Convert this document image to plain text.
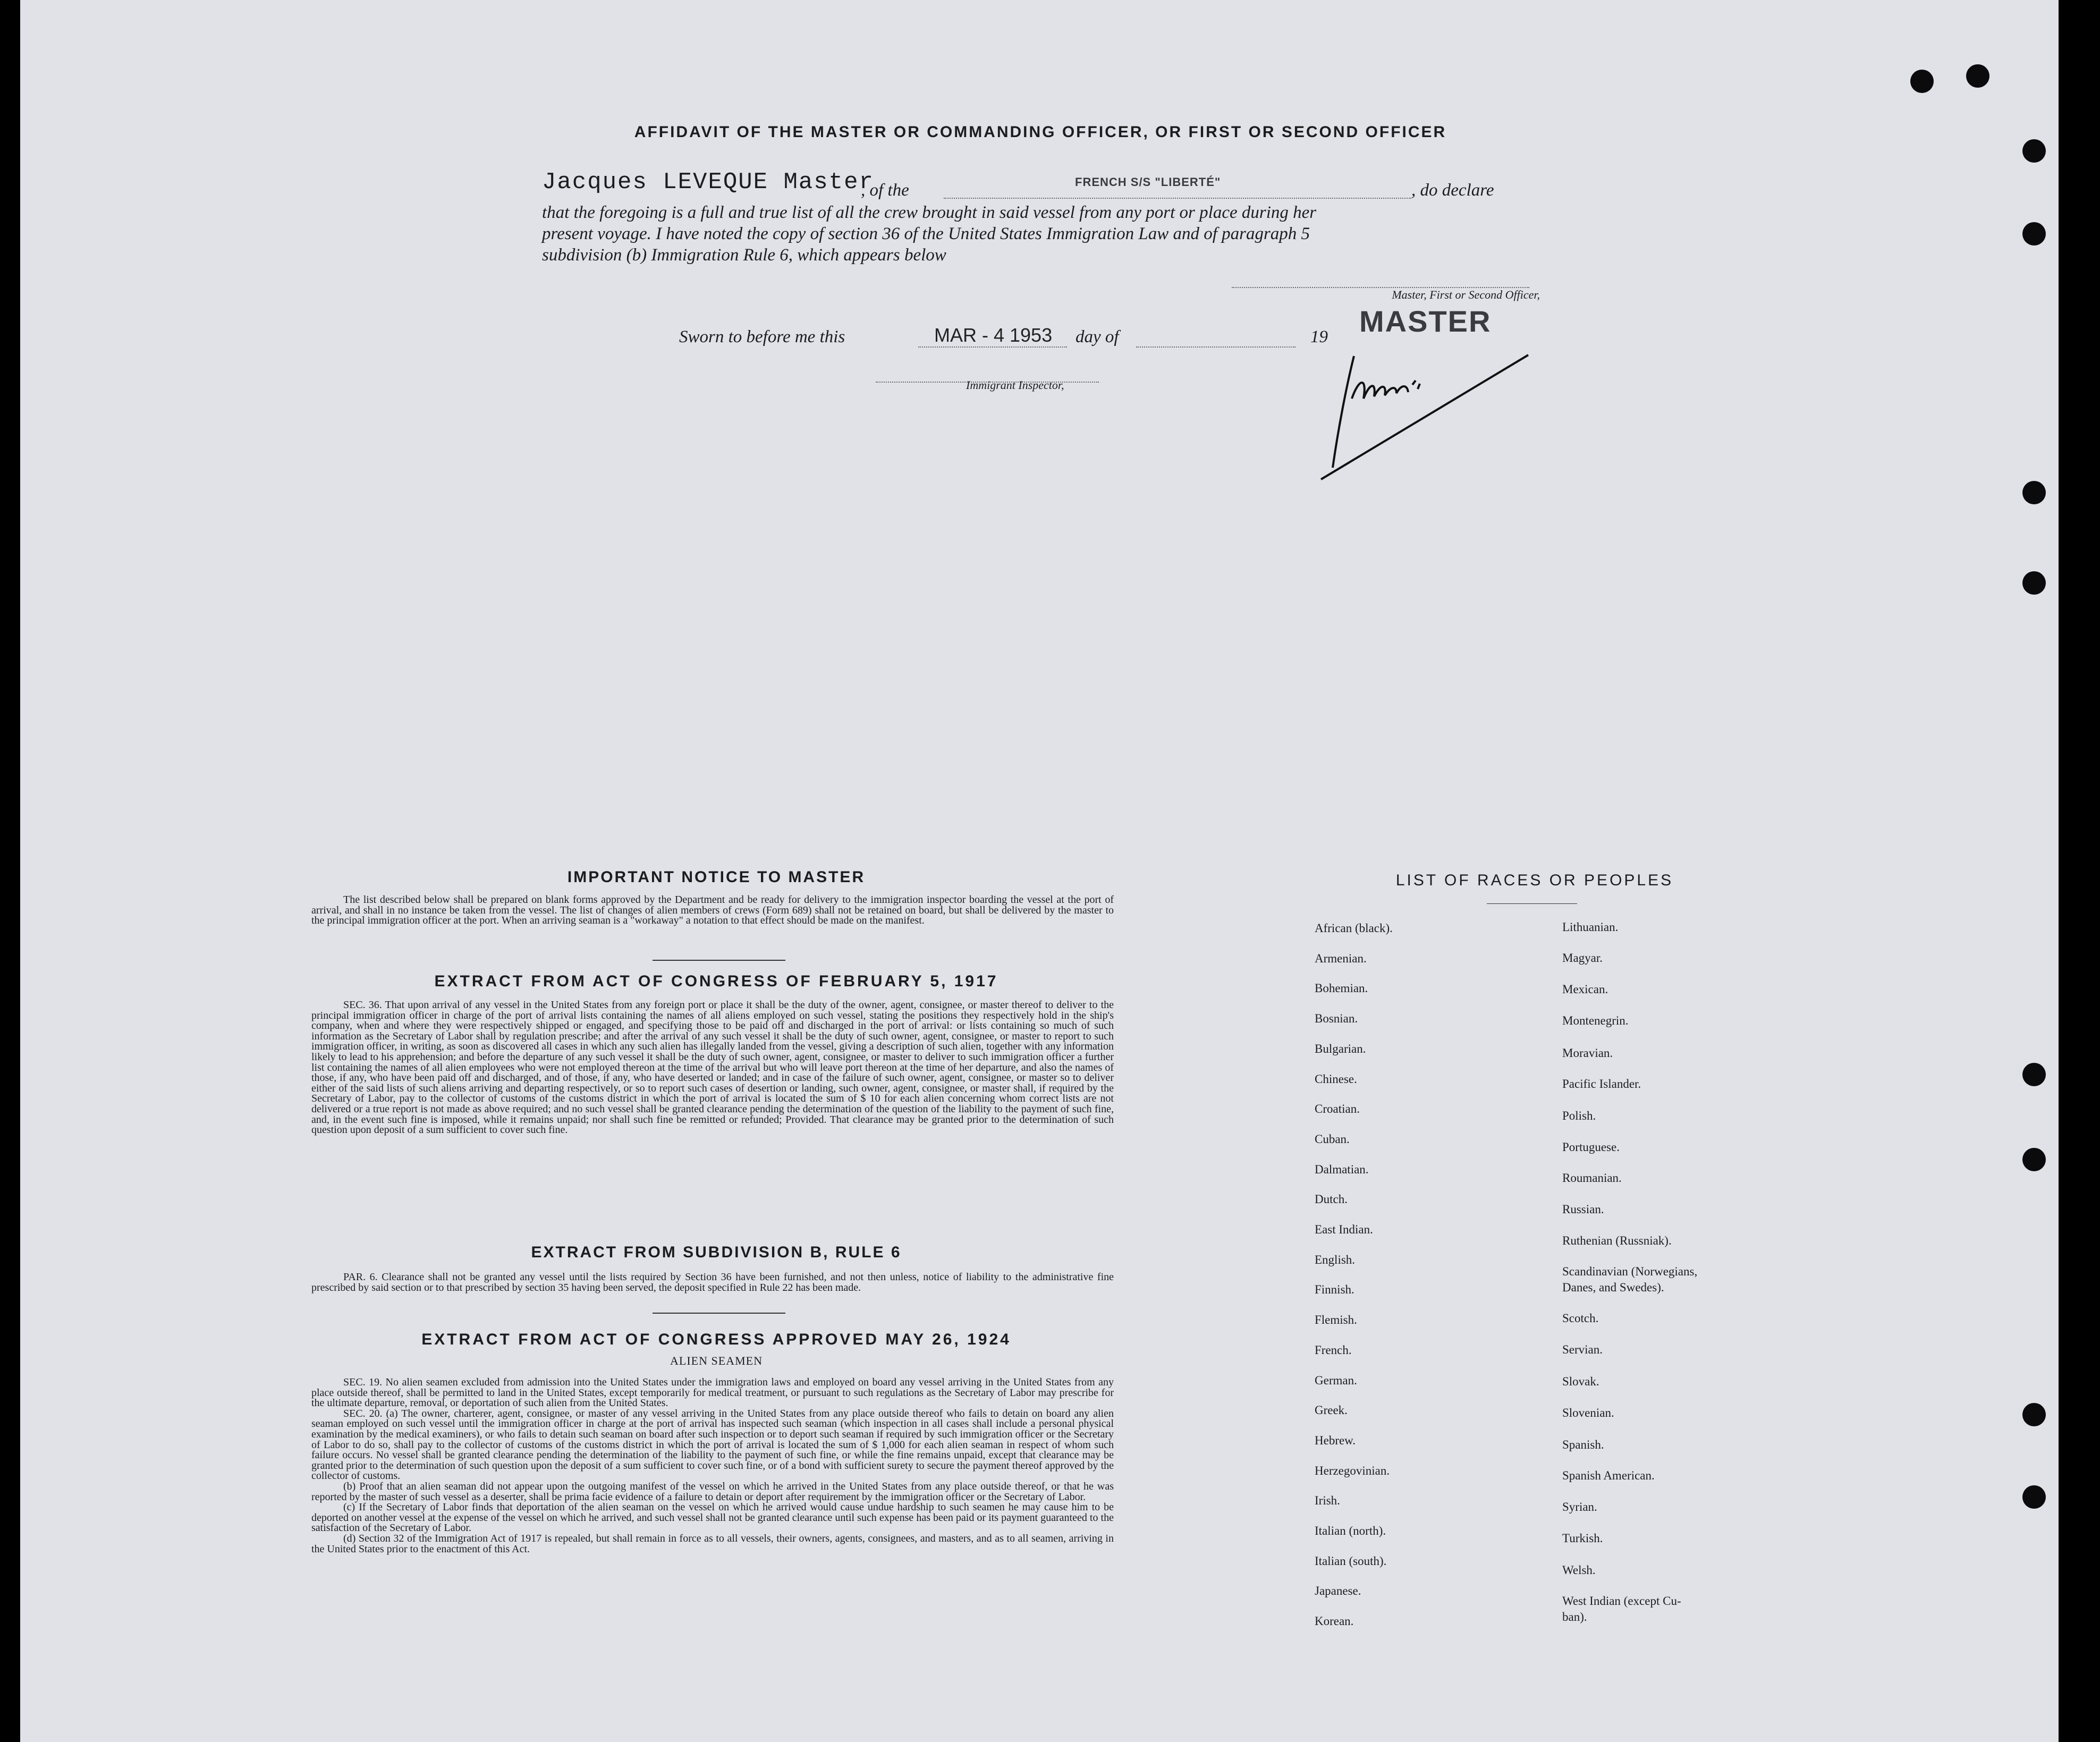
AFFIDAVIT OF THE MASTER OR COMMANDING OFFICER, OR FIRST OR SECOND OFFICER
Jacques LEVEQUE Master
, of the	FRENCH S/S "LIBERTÉ"	, do declare
that the foregoing is a full and true list of all the crew brought in said vessel from any port or place during her
present voyage. I have noted the copy of section 36 of the United States Immigration Law and of paragraph 5
subdivision (b) Immigration Rule 6, which appears below
Master, First or Second Officer,
MASTER
Sworn to before me this	MAR - 4 1953 day of	19
Immigrant Inspector,
IMPORTANT NOTICE TO MASTER

The list described below shall be prepared on blank forms approved by the Department and be ready for delivery to the immigration inspector boarding the vessel at the port of arrival, and shall in no instance be taken from the vessel. The list of changes of alien members of crews (Form 689) shall not be retained on board, but shall be delivered by the master to the principal immigration officer at the port. When an arriving seaman is a "workaway" a notation to that effect should be made on the manifest.

EXTRACT FROM ACT OF CONGRESS OF FEBRUARY 5, 1917

SEC. 36. That upon arrival of any vessel in the United States from any foreign port or place it shall be the duty of the owner, agent, consignee, or master thereof to deliver to the principal immigration officer in charge of the port of arrival lists containing the names of all aliens employed on such vessel, stating the positions they respectively hold in the ship's company, when and where they were respectively shipped or engaged, and specifying those to be paid off and discharged in the port of arrival: or lists containing so much of such information as the Secretary of Labor shall by regulation prescribe; and after the arrival of any such vessel it shall be the duty of such owner, agent, consignee, or master to report to such immigration officer, in writing, as soon as discovered all cases in which any such alien has illegally landed from the vessel, giving a description of such alien, together with any information likely to lead to his apprehension; and before the departure of any such vessel it shall be the duty of such owner, agent, consignee, or master to deliver to such immigration officer a further list containing the names of all alien employees who were not employed thereon at the time of the arrival but who will leave port thereon at the time of her departure, and also the names of those, if any, who have been paid off and discharged, and of those, if any, who have deserted or landed; and in case of the failure of such owner, agent, consignee, or master so to deliver either of the said lists of such aliens arriving and departing respectively, or so to report such cases of desertion or landing, such owner, agent, consignee, or master shall, if required by the Secretary of Labor, pay to the collector of customs of the customs district in which the port of arrival is located the sum of $ 10 for each alien concerning whom correct lists are not delivered or a true report is not made as above required; and no such vessel shall be granted clearance pending the determination of the question of the liability to the payment of such fine, and, in the event such fine is imposed, while it remains unpaid; nor shall such fine be remitted or refunded; Provided. That clearance may be granted prior to the determination of such question upon deposit of a sum sufficient to cover such fine.

EXTRACT FROM SUBDIVISION B, RULE 6

PAR. 6. Clearance shall not be granted any vessel until the lists required by Section 36 have been furnished, and not then unless, notice of liability to the administrative fine prescribed by said section or to that prescribed by section 35 having been served, the deposit specified in Rule 22 has been made.

EXTRACT FROM ACT OF CONGRESS APPROVED MAY 26, 1924
ALIEN SEAMEN

SEC. 19. No alien seamen excluded from admission into the United States under the immigration laws and employed on board any vessel arriving in the United States from any place outside thereof, shall be permitted to land in the United States, except temporarily for medical treatment, or pursuant to such regulations as the Secretary of Labor may prescribe for the ultimate departure, removal, or deportation of such alien from the United States.

SEC. 20. (a) The owner, charterer, agent, consignee, or master of any vessel arriving in the United States from any place outside thereof who fails to detain on board any alien seaman employed on such vessel until the immigration officer in charge at the port of arrival has inspected such seaman (which inspection in all cases shall include a personal physical examination by the medical examiners), or who fails to detain such seaman on board after such inspection or to deport such seaman if required by such immigration officer or the Secretary of Labor to do so, shall pay to the collector of customs of the customs district in which the port of arrival is located the sum of $ 1,000 for each alien seaman in respect of whom such failure occurs. No vessel shall be granted clearance pending the determination of the liability to the payment of such fine, or while the fine remains unpaid, except that clearance may be granted prior to the determination of such question upon the deposit of a sum sufficient to cover such fine, or of a bond with sufficient surety to secure the payment thereof approved by the collector of customs.

(b) Proof that an alien seaman did not appear upon the outgoing manifest of the vessel on which he arrived in the United States from any place outside thereof, or that he was reported by the master of such vessel as a deserter, shall be prima facie evidence of a failure to detain or deport after requirement by the immigration officer or the Secretary of Labor.

(c) If the Secretary of Labor finds that deportation of the alien seaman on the vessel on which he arrived would cause undue hardship to such seamen he may cause him to be deported on another vessel at the expense of the vessel on which he arrived, and such vessel shall not be granted clearance until such expense has been paid or its payment guaranteed to the satisfaction of the Secretary of Labor.

(d) Section 32 of the Immigration Act of 1917 is repealed, but shall remain in force as to all vessels, their owners, agents, consignees, and masters, and as to all seamen, arriving in the United States prior to the enactment of this Act.

LIST OF RACES OR PEOPLES
African (black).
Armenian.
Bohemian.
Bosnian.
Bulgarian.
Chinese.
Croatian.
Cuban.
Dalmatian.
Dutch.
East Indian.
English.
Finnish.
Flemish.
French.
German.
Greek.
Hebrew.
Herzegovinian.
Irish.
Italian (north).
Italian (south).
Japanese.
Korean.
Lithuanian.
Magyar.
Mexican.
Montenegrin.
Moravian.
Pacific Islander.
Polish.
Portuguese.
Roumanian.
Russian.
Ruthenian (Russniak).
Scandinavian (Norwegians,
Danes, and Swedes).
Scotch.
Servian.
Slovak.
Slovenian.
Spanish.
Spanish American.
Syrian.
Turkish.
Welsh.
West Indian (except Cu-
ban).
